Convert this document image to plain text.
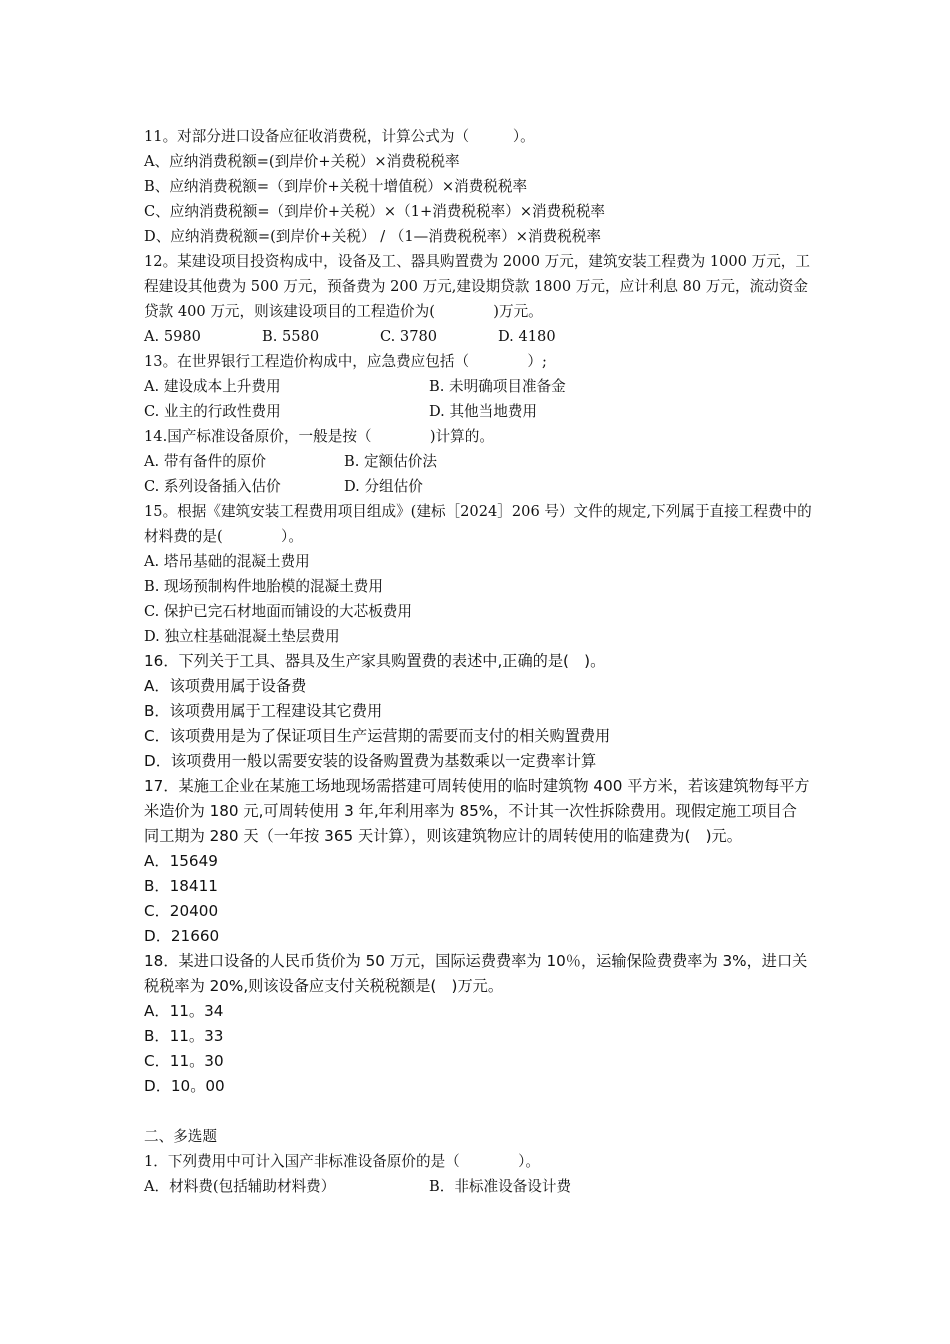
11。对部分进口设备应征收消费税，计算公式为（　　　）。
A、应纳消费税额=(到岸价+关税）×消费税税率
B、应纳消费税额=（到岸价+关税十增值税）×消费税税率
C、应纳消费税额=（到岸价+关税）×（1+消费税税率）×消费税税率
D、应纳消费税额=(到岸价+关税） / （1—消费税税率）×消费税税率
12。某建设项目投资构成中，设备及工、器具购置费为 2000 万元，建筑安装工程费为 1000 万元，工程建设其他费为 500 万元，预备费为 200 万元,建设期贷款 1800 万元，应计利息 80 万元，流动资金贷款 400 万元，则该建设项目的工程造价为(　　　　)万元。
A. 5980	B. 5580	C. 3780	D. 4180
13。在世界银行工程造价构成中，应急费应包括（　　　　）;
A. 建设成本上升费用	B. 未明确项目准备金
C. 业主的行政性费用	D. 其他当地费用
14.国产标准设备原价，一般是按（　　　　)计算的。
A. 带有备件的原价	B. 定额估价法
C. 系列设备插入估价	D. 分组估价
15。根据《建筑安装工程费用项目组成》(建标［2024］206 号）文件的规定,下列属于直接工程费中的材料费的是(　　　　）。
A. 塔吊基础的混凝土费用
B. 现场预制构件地胎模的混凝土费用
C. 保护已完石材地面而铺设的大芯板费用
D. 独立柱基础混凝土垫层费用
16．下列关于工具、器具及生产家具购置费的表述中,正确的是(　)。
A．该项费用属于设备费
B．该项费用属于工程建设其它费用
C．该项费用是为了保证项目生产运营期的需要而支付的相关购置费用
D．该项费用一般以需要安装的设备购置费为基数乘以一定费率计算
17．某施工企业在某施工场地现场需搭建可周转使用的临时建筑物 400 平方米，若该建筑物每平方米造价为 180 元,可周转使用 3 年,年利用率为 85%，不计其一次性拆除费用。现假定施工项目合同工期为 280 天（一年按 365 天计算），则该建筑物应计的周转使用的临建费为(　)元。
A．15649
B．18411
C．20400
D．21660
18．某进口设备的人民币货价为 50 万元，国际运费费率为 10％，运输保险费费率为 3%，进口关税税率为 20%,则该设备应支付关税税额是(　)万元。
A．11。34
B．11。33
C．11。30
D．10。00
二、多选题
1．下列费用中可计入国产非标准设备原价的是（　　　　）。
A．材料费(包括辅助材料费）	B．非标准设备设计费
